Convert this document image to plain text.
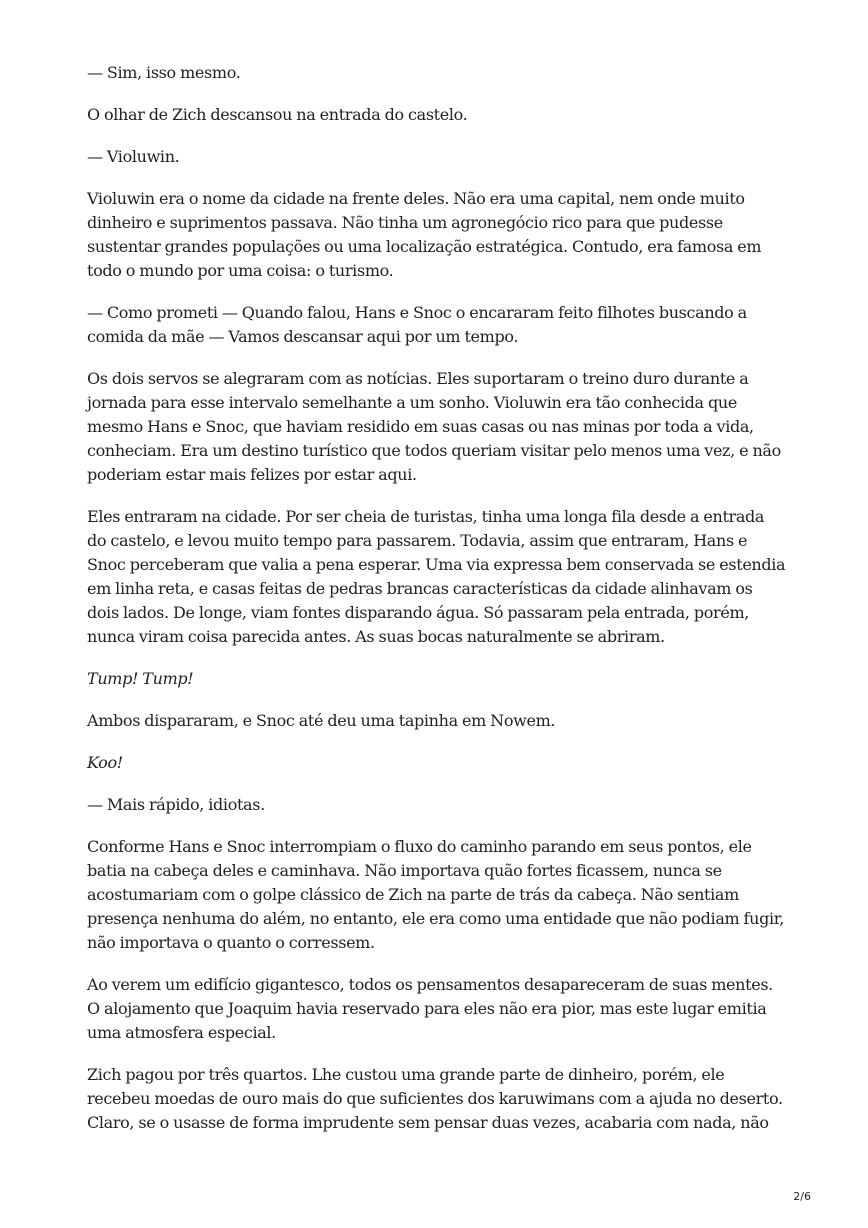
— Sim, isso mesmo.

O olhar de Zich descansou na entrada do castelo.

— Violuwin.

Violuwin era o nome da cidade na frente deles. Não era uma capital, nem onde muito dinheiro e suprimentos passava. Não tinha um agronegócio rico para que pudesse sustentar grandes populações ou uma localização estratégica. Contudo, era famosa em todo o mundo por uma coisa: o turismo.

— Como prometi — Quando falou, Hans e Snoc o encararam feito filhotes buscando a comida da mãe — Vamos descansar aqui por um tempo.

Os dois servos se alegraram com as notícias. Eles suportaram o treino duro durante a jornada para esse intervalo semelhante a um sonho. Violuwin era tão conhecida que mesmo Hans e Snoc, que haviam residido em suas casas ou nas minas por toda a vida, conheciam. Era um destino turístico que todos queriam visitar pelo menos uma vez, e não poderiam estar mais felizes por estar aqui.

Eles entraram na cidade. Por ser cheia de turistas, tinha uma longa fila desde a entrada do castelo, e levou muito tempo para passarem. Todavia, assim que entraram, Hans e Snoc perceberam que valia a pena esperar. Uma via expressa bem conservada se estendia em linha reta, e casas feitas de pedras brancas características da cidade alinhavam os dois lados. De longe, viam fontes disparando água. Só passaram pela entrada, porém, nunca viram coisa parecida antes. As suas bocas naturalmente se abriram.

Tump! Tump!

Ambos dispararam, e Snoc até deu uma tapinha em Nowem.

Koo!

— Mais rápido, idiotas.

Conforme Hans e Snoc interrompiam o fluxo do caminho parando em seus pontos, ele batia na cabeça deles e caminhava. Não importava quão fortes ficassem, nunca se acostumariam com o golpe clássico de Zich na parte de trás da cabeça. Não sentiam presença nenhuma do além, no entanto, ele era como uma entidade que não podiam fugir, não importava o quanto o corressem.

Ao verem um edifício gigantesco, todos os pensamentos desapareceram de suas mentes. O alojamento que Joaquim havia reservado para eles não era pior, mas este lugar emitia uma atmosfera especial.

Zich pagou por três quartos. Lhe custou uma grande parte de dinheiro, porém, ele recebeu moedas de ouro mais do que suficientes dos karuwimans com a ajuda no deserto. Claro, se o usasse de forma imprudente sem pensar duas vezes, acabaria com nada, não

2/6
